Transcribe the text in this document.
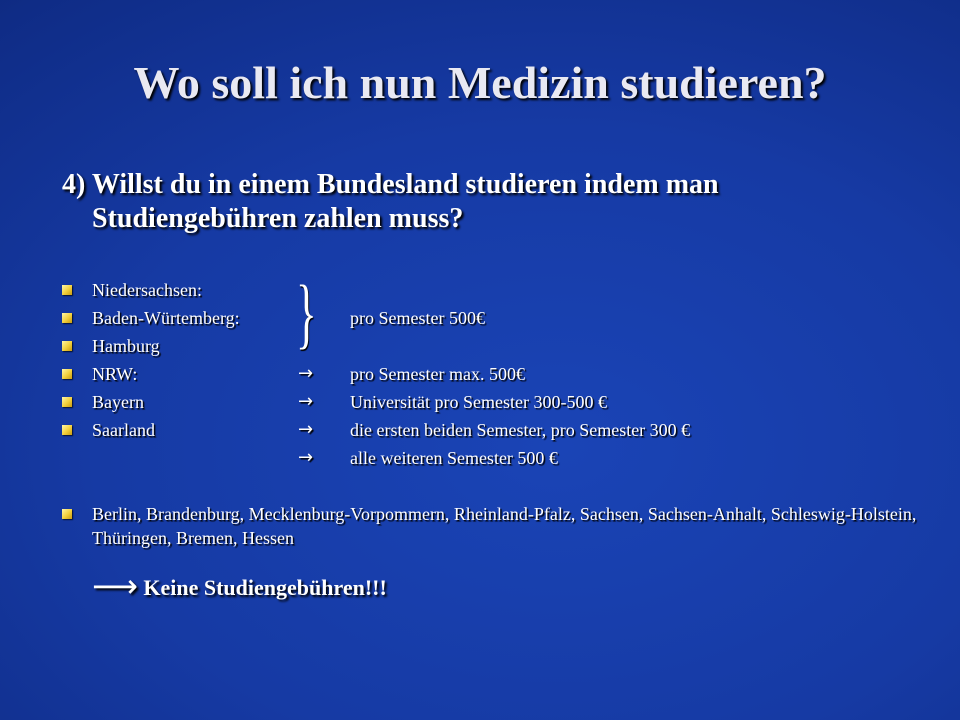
Wo soll ich nun Medizin studieren?
4) Willst du in einem Bundesland studieren indem man
Studiengebühren zahlen muss?
Niedersachsen:
Baden-Würtemberg:
Hamburg
NRW:
Bayern
Saarland
}
→
→
→
→
pro Semester 500€
pro Semester max. 500€
Universität pro Semester 300-500 €
die ersten beiden Semester, pro Semester 300 €
alle weiteren Semester 500 €
Berlin, Brandenburg, Mecklenburg-Vorpommern, Rheinland-Pfalz, Sachsen, Sachsen-Anhalt, Schleswig-Holstein, Thüringen, Bremen, Hessen
⟶ Keine Studiengebühren!!!
